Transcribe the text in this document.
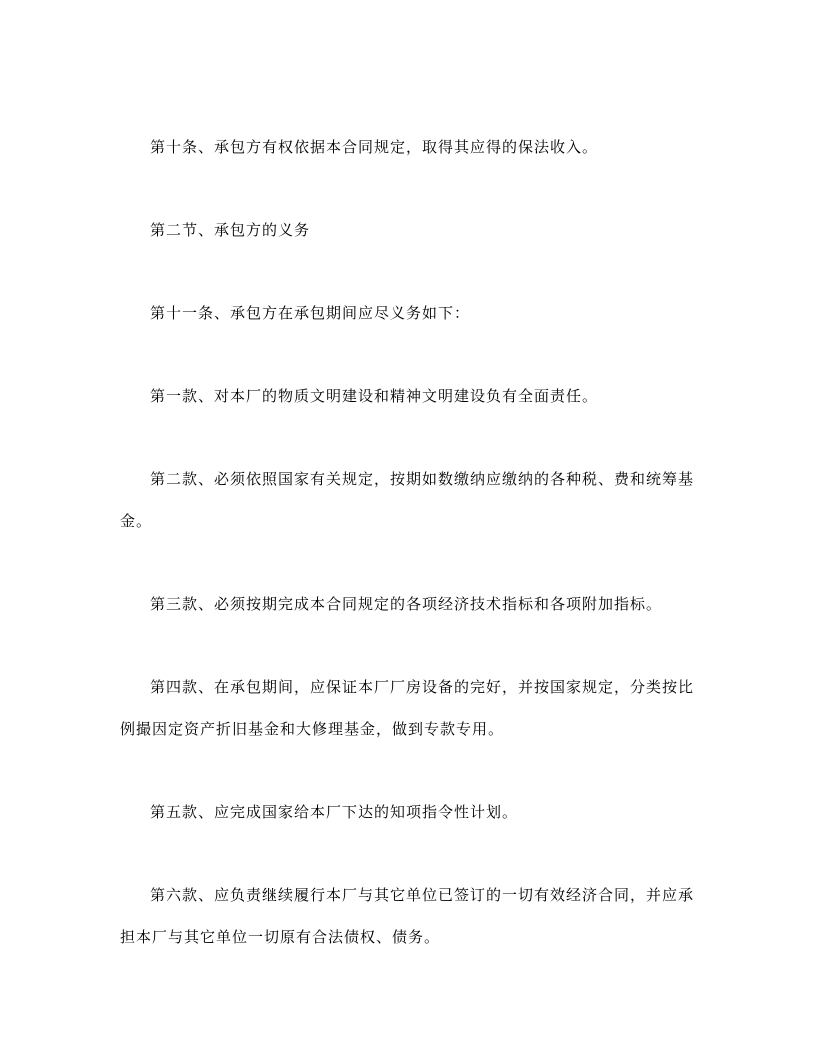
第十条、承包方有权依据本合同规定，取得其应得的保法收入。
第二节、承包方的义务
第十一条、承包方在承包期间应尽义务如下：
第一款、对本厂的物质文明建设和精神文明建设负有全面责任。
第二款、必须依照国家有关规定，按期如数缴纳应缴纳的各种税、费和统筹基
金。
第三款、必须按期完成本合同规定的各项经济技术指标和各项附加指标。
第四款、在承包期间，应保证本厂厂房设备的完好，并按国家规定，分类按比
例撮因定资产折旧基金和大修理基金，做到专款专用。
第五款、应完成国家给本厂下达的知项指令性计划。
第六款、应负责继续履行本厂与其它单位已签订的一切有效经济合同，并应承
担本厂与其它单位一切原有合法债权、债务。
